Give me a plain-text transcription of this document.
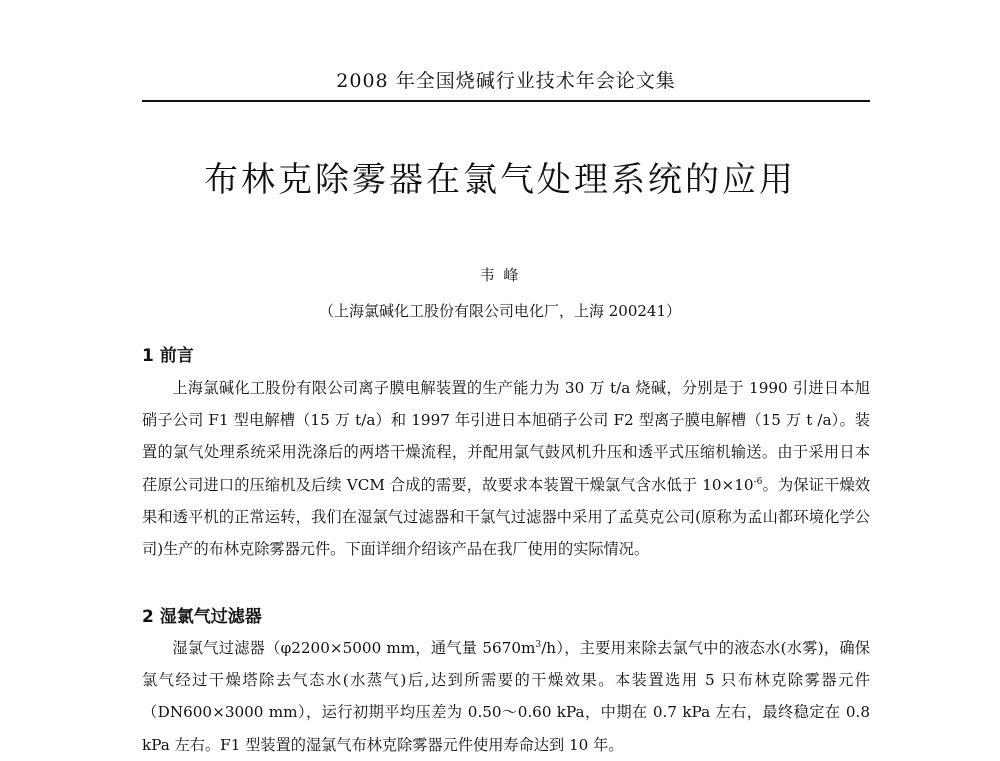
2008 年全国烧碱行业技术年会论文集
布林克除雾器在氯气处理系统的应用
韦 峰
（上海氯碱化工股份有限公司电化厂，上海 200241）
1 前言

上海氯碱化工股份有限公司离子膜电解装置的生产能力为 30 万 t/a 烧碱，分别是于 1990 引进日本旭硝子公司 F1 型电解槽（15 万 t/a）和 1997 年引进日本旭硝子公司 F2 型离子膜电解槽（15 万 t /a）。装置的氯气处理系统采用洗涤后的两塔干燥流程，并配用氯气鼓风机升压和透平式压缩机输送。由于采用日本荏原公司进口的压缩机及后续 VCM 合成的需要，故要求本装置干燥氯气含水低于 $10\times 10^{-6}$。为保证干燥效果和透平机的正常运转，我们在湿氯气过滤器和干氯气过滤器中采用了孟莫克公司(原称为孟山都环境化学公司)生产的布林克除雾器元件。下面详细介绍该产品在我厂使用的实际情况。

2 湿氯气过滤器

湿氯气过滤器（φ2200×5000 mm，通气量 $5670m^3/h$），主要用来除去氯气中的液态水(水雾)，确保氯气经过干燥塔除去气态水(水蒸气)后,达到所需要的干燥效果。本装置选用 5 只布林克除雾器元件（DN600×3000 mm），运行初期平均压差为 0.50～0.60 kPa，中期在 0.7 kPa 左右，最终稳定在 0.8 kPa 左右。F1 型装置的湿氯气布林克除雾器元件使用寿命达到 10 年。
